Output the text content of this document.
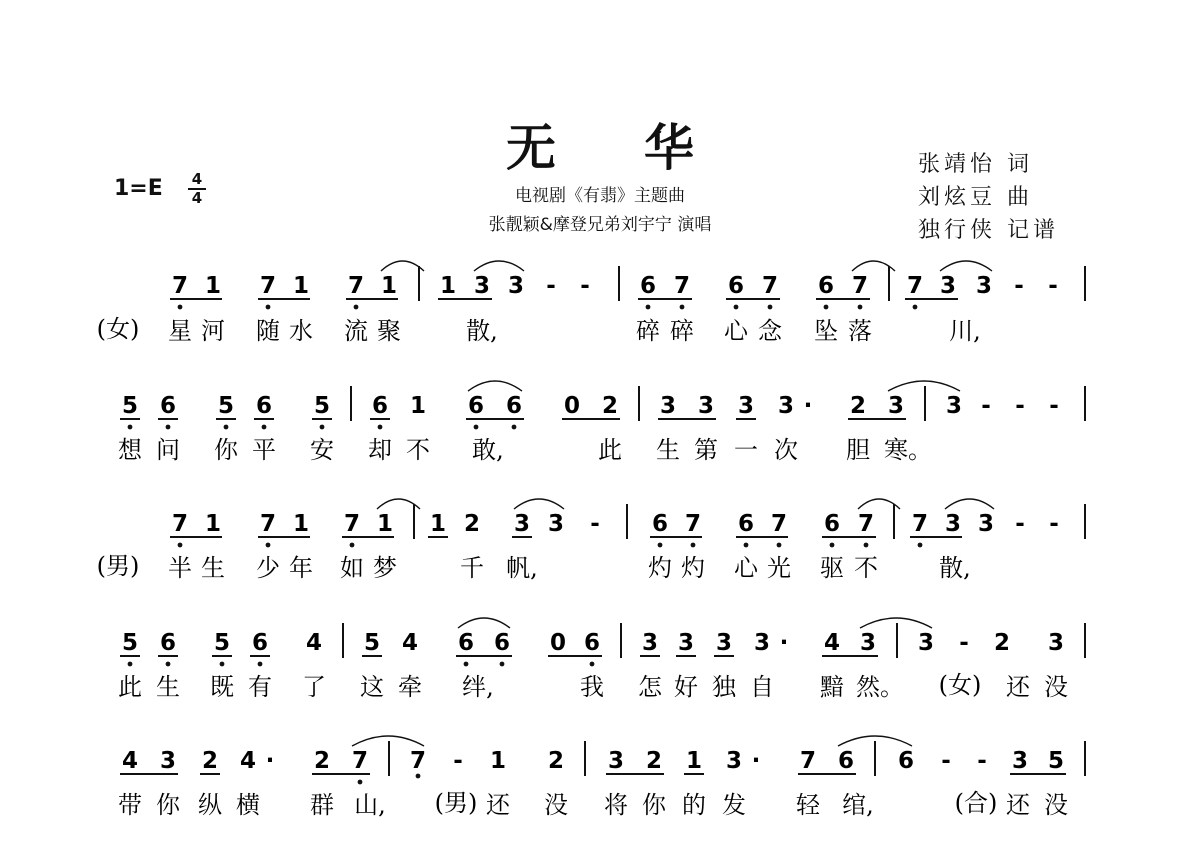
无华
电视剧《有翡》主题曲
张靓颖&摩登兄弟刘宇宁 演唱
1=E 4
4
张靖怡 词
刘炫豆 曲
独行侠 记谱
7 1 7 1 7 1 1 3 3 - - 6 7 6 7 6 7 7 3 3 - -
(女) 星 河 随 水 流 聚	散,	碎 碎 心 念 坠 落	川,
5 6 5 6 5 6 1 6 6 0 2 3 3 3 3 · 2 3 3 - - -
想 问 你 平 安 却 不 敢,	此 生 第 一 次 胆 寒。
7 1 7 1 7 1 1 2 3 3 - 6 7 6 7 6 7 7 3 3 - -
(男) 半 生 少 年 如 梦	千 帆,	灼 灼 心 光 驱 不	散,
5 6 5 6 4 5 4 6 6 0 6 3 3 3 3 · 4 3 3 - 2 3
此 生 既 有 了 这 牵 绊,	我 怎 好 独 自 黯 然。 (女) 还 没
4 3 2 4 · 2 7 7 - 1 2 3 2 1 3 · 7 6 6 - - 3 5
带 你 纵 横 群 山, (男) 还 没 将 你 的 发 轻 绾,	(合) 还 没
